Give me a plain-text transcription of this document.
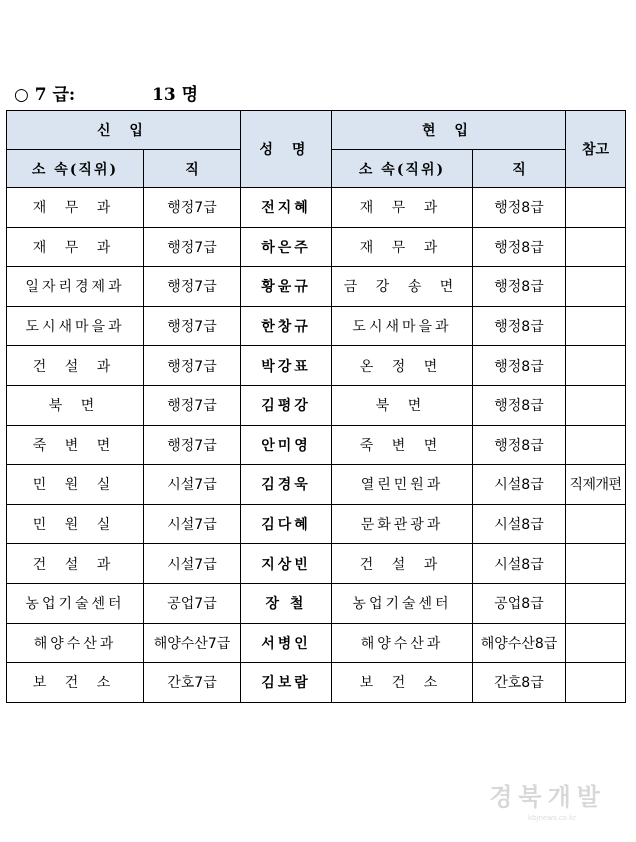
○ 7 급:	13 명
신 입		성 명	현 입		참고
소 속(직위)	직		소 속(직위)	직	
재 무 과	행정7급	전지혜	재 무 과	행정8급	
재 무 과	행정7급	하은주	재 무 과	행정8급	
일자리경제과	행정7급	황윤규	금 강 송 면	행정8급	
도시새마을과	행정7급	한창규	도시새마을과	행정8급	
건 설 과	행정7급	박강표	온 정 면	행정8급	
북 면	행정7급	김평강	북 면	행정8급	
죽 변 면	행정7급	안미영	죽 변 면	행정8급	
민 원 실	시설7급	김경욱	열린민원과	시설8급	직제개편
민 원 실	시설7급	김다혜	문화관광과	시설8급	
건 설 과	시설7급	지상빈	건 설 과	시설8급	
농업기술센터	공업7급	장 철	농업기술센터	공업8급	
해양수산과	해양수산7급	서병인	해양수산과	해양수산8급	
보 건 소	간호7급	김보람	보 건 소	간호8급	
경북개발
kbjnews.co.kr
